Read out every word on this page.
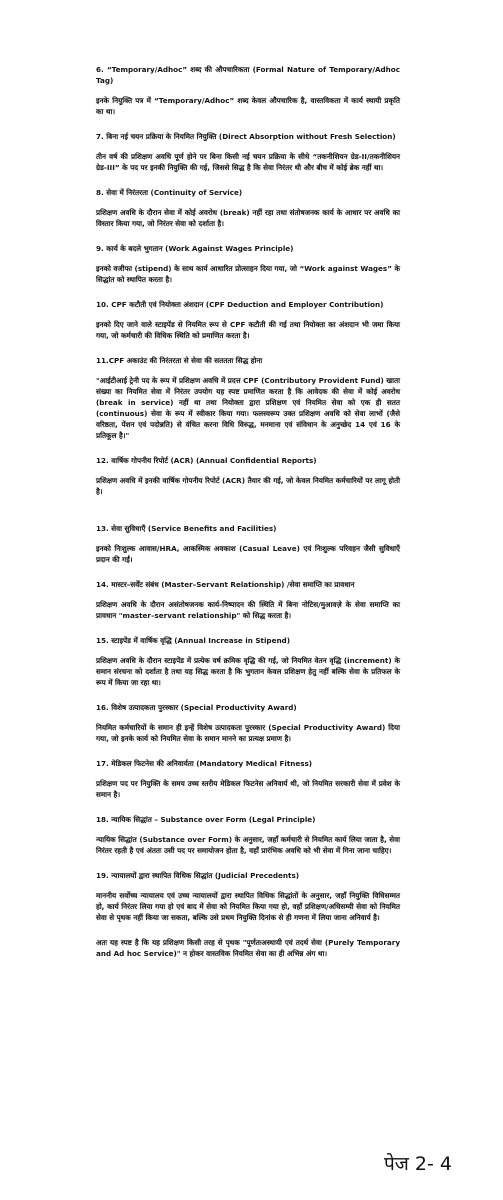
6. “Temporary/Adhoc” शब्द की औपचारिकता (Formal Nature of Temporary/Adhoc Tag)

इनके नियुक्ति पत्र में “Temporary/Adhoc” शब्द केवल औपचारिक है, वास्तविकता में कार्य स्थायी प्रकृति का था।

7. बिना नई चयन प्रक्रिया के नियमित नियुक्ति (Direct Absorption without Fresh Selection)

तीन वर्ष की प्रशिक्षण अवधि पूर्ण होने पर बिना किसी नई चयन प्रक्रिया के सीधे “तकनीशियन ग्रेड-II/तकनीशियन ग्रेड-III” के पद पर इनकी नियुक्ति की गई, जिससे सिद्ध है कि सेवा निरंतर थी और बीच में कोई ब्रेक नहीं था।

8. सेवा में निरंतरता (Continuity of Service)

प्रशिक्षण अवधि के दौरान सेवा में कोई अवरोध (break) नहीं रहा तथा संतोषजनक कार्य के आधार पर अवधि का विस्तार किया गया, जो निरंतर सेवा को दर्शाता है।

9. कार्य के बदले भुगतान (Work Against Wages Principle)

इनको वजीफा (stipend) के साथ कार्य आधारित प्रोत्साहन दिया गया, जो “Work against Wages” के सिद्धांत को स्थापित करता है।

10. CPF कटौती एवं नियोक्ता अंशदान (CPF Deduction and Employer Contribution)

इनको दिए जाने वाले स्टाइपेंड से नियमित रूप से CPF कटौती की गई तथा नियोक्ता का अंशदान भी जमा किया गया, जो कर्मचारी की विधिक स्थिति को प्रमाणित करता है।

11.CPF अकाउंट की निरंतरता से सेवा की सततता सिद्ध होना

"आईटीआई ट्रेनी पद के रूप में प्रशिक्षण अवधि में प्रदत्त CPF (Contributory Provident Fund) खाता संख्या का नियमित सेवा में निरंतर उपयोग यह स्पष्ट प्रमाणित करता है कि आवेदक की सेवा में कोई अवरोध (break in service) नहीं था तथा नियोक्ता द्वारा प्रशिक्षण एवं नियमित सेवा को एक ही सतत (continuous) सेवा के रूप में स्वीकार किया गया। फलस्वरूप उक्त प्रशिक्षण अवधि को सेवा लाभों (जैसे वरिष्ठता, पेंशन एवं पदोन्नति) से वंचित करना विधि विरुद्ध, मनमाना एवं संविधान के अनुच्छेद 14 एवं 16 के प्रतिकूल है।"

12. वार्षिक गोपनीय रिपोर्ट (ACR) (Annual Confidential Reports)

प्रशिक्षण अवधि में इनकी वार्षिक गोपनीय रिपोर्ट (ACR) तैयार की गई, जो केवल नियमित कर्मचारियों पर लागू होती है।

13. सेवा सुविधाएँ (Service Benefits and Facilities)

इनको निःशुल्क आवास/HRA, आकस्मिक अवकाश (Casual Leave) एवं निःशुल्क परिवहन जैसी सुविधाएँ प्रदान की गईं।

14. मास्टर–सर्वेंट संबंध (Master–Servant Relationship) /सेवा समाप्ति का प्रावधान

प्रशिक्षण अवधि के दौरान असंतोषजनक कार्य-निष्पादन की स्थिति में बिना नोटिस/मुआवज़े के सेवा समाप्ति का प्रावधान "master–servant relationship" को सिद्ध करता है।

15. स्टाइपेंड में वार्षिक वृद्धि (Annual Increase in Stipend)

प्रशिक्षण अवधि के दौरान स्टाइपेंड में प्रत्येक वर्ष क्रमिक वृद्धि की गई, जो नियमित वेतन वृद्धि (increment) के समान संरचना को दर्शाता है तथा यह सिद्ध करता है कि भुगतान केवल प्रशिक्षण हेतु नहीं बल्कि सेवा के प्रतिफल के रूप में किया जा रहा था।

16. विशेष उत्पादकता पुरस्कार (Special Productivity Award)

नियमित कर्मचारियों के समान ही इन्हें विशेष उत्पादकता पुरस्कार (Special Productivity Award) दिया गया, जो इनके कार्य को नियमित सेवा के समान मानने का प्रत्यक्ष प्रमाण है।

17. मेडिकल फिटनेस की अनिवार्यता (Mandatory Medical Fitness)

प्रशिक्षण पद पर नियुक्ति के समय उच्च स्तरीय मेडिकल फिटनेस अनिवार्य थी, जो नियमित सरकारी सेवा में प्रवेश के समान है।

18. न्यायिक सिद्धांत – Substance over Form (Legal Principle)

न्यायिक सिद्धांत (Substance over Form) के अनुसार, जहाँ कर्मचारी से नियमित कार्य लिया जाता है, सेवा निरंतर रहती है एवं अंततः उसी पद पर समायोजन होता है, वहाँ प्रारंभिक अवधि को भी सेवा में गिना जाना चाहिए।

19. न्यायालयों द्वारा स्थापित विधिक सिद्धांत (Judicial Precedents)

माननीय सर्वोच्च न्यायालय एवं उच्च न्यायालयों द्वारा स्थापित विधिक सिद्धांतों के अनुसार, जहाँ नियुक्ति विधिसम्मत हो, कार्य निरंतर लिया गया हो एवं बाद में सेवा को नियमित किया गया हो, वहाँ प्रशिक्षण/अधिसम्यी सेवा को नियमित सेवा से पृथक नहीं किया जा सकता, बल्कि उसे प्रथम नियुक्ति दिनांक से ही गणना में लिया जाना अनिवार्य है।

अतः यह स्पष्ट है कि यह प्रशिक्षण किसी तरह से पृथक "पूर्णतःअस्थायी एवं तदर्थ सेवा (Purely Temporary and Ad hoc Service)" न होकर वास्तविक नियमित सेवा का ही अभिन्न अंग था।

पेज 2- 4
